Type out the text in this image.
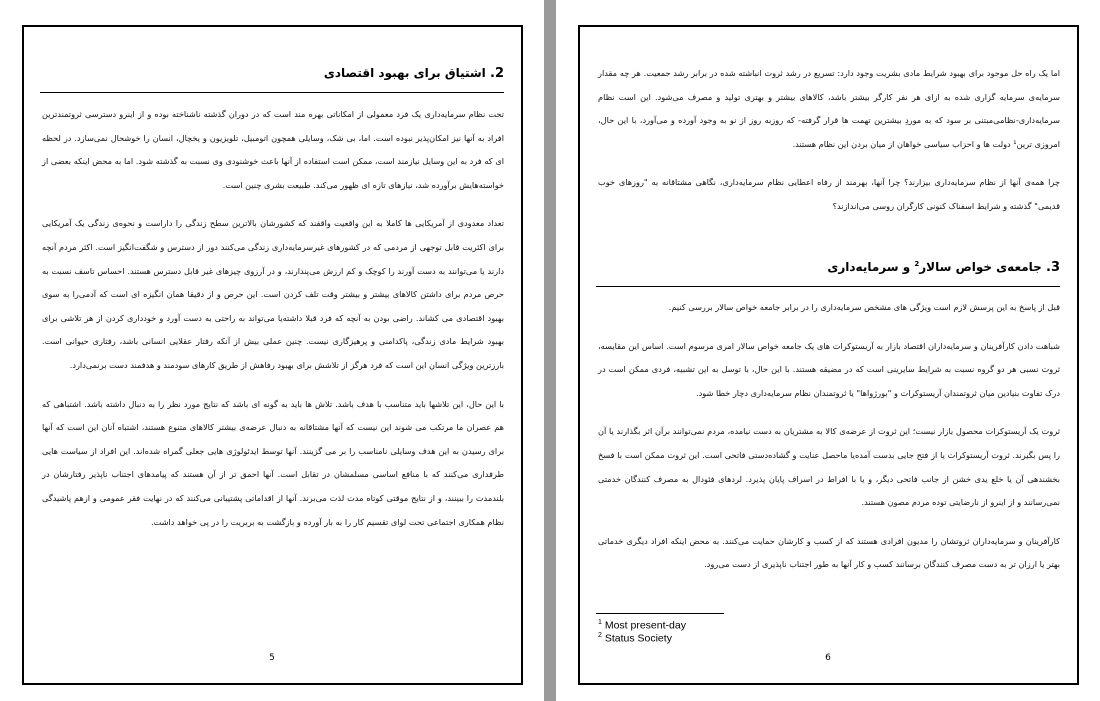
2. اشتیاق برای بهبود اقتصادی

تحت نظام سرمایه‌داری یک فرد معمولی از امکاناتی بهره مند است که در دوران گذشته ناشناخته بوده و از اینرو دسترسی ثروتمندترین افراد به آنها نیز امکان‌پذیر نبوده است. اما، بی شک، وسایلی همچون اتومبیل، تلویزیون و یخچال، انسان را خوشحال نمی‌سازد. در لحظه ای که فرد به این وسایل نیازمند است، ممکن است استفاده از آنها باعث خوشنودی وی نسبت به گذشته شود. اما به محض اینکه بعضی از خواسته‌هایش برآورده شد، نیازهای تازه ای ظهور می‌کند. طبیعت بشری چنین است.

تعداد معدودی از آمریکایی ها کاملا به این واقعیت واقفند که کشورشان بالاترین سطح زندگی را داراست و نحوه‌ی زندگی یک آمریکایی برای اکثریت قابل توجهی از مردمی که در کشورهای غیرسرمایه‌داری زندگی می‌کنند دور از دسترس و شگفت‌انگیز است. اکثر مردم آنچه دارند یا می‌توانند به دست آورند را کوچک و کم ارزش می‌پندارند، و در آرزوی چیزهای غیر قابل دسترس هستند. احساس تاسف نسبت به حرص مردم برای داشتن کالاهای بیشتر و بیشتر وقت تلف کردن است. این حرص و از دقیقا همان انگیزه ای است که آدمی‌را به سوی بهبود اقتصادی می کشاند. راضی بودن به آنچه که فرد قبلا داشته‌یا می‌تواند به راحتی به دست آورد و خودداری کردن از هر تلاشی برای بهبود شرایط مادی زندگی، پاکدامنی و پرهیزگاری نیست. چنین عملی بیش از آنکه رفتار عقلایی انسانی باشد، رفتاری حیوانی است. بارزترین ویژگی انسان این است که فرد هرگز از تلاشش برای بهبود رفاهش از طریق کارهای سودمند و هدفمند دست برنمی‌دارد.

با این حال، این تلاشها باید متناسب با هدف باشد. تلاش ها باید به گونه ای باشد که نتایج مورد نظر را به دنبال داشته باشد. اشتباهی که هم عصران ما مرتکب می شوند این نیست که آنها مشتاقانه به دنبال عرضه‌ی بیشتر کالاهای متنوع هستند، اشتباه آنان این است که آنها برای رسیدن به این هدف وسایلی نامناسب را بر می گزینند. آنها توسط ایدئولوژی هایی جعلی گمراه شده‌اند. این افراد از سیاست هایی طرفداری می‌کنند که با منافع اساسی مسلمشان در تقابل است. آنها احمق تر از آن هستند که پیامدهای اجتناب ناپذیر رفتارشان در بلندمدت را ببینند، و از نتایج موقتی کوتاه مدت لذت می‌برند. آنها از اقداماتی پشتیبانی می‌کنند که در نهایت فقر عمومی و ازهم پاشیدگی نظام همکاری اجتماعی تحت لوای تقسیم کار را به بار آورده و بازگشت به بربریت را در پی خواهد داشت.

5

اما یک راه حل موجود برای بهبود شرایط مادی بشریت وجود دارد: تسریع در رشد ثروت انباشته شده در برابر رشد جمعیت. هر چه مقدار سرمایه‌ی سرمایه گزاری شده به ازای هر نفر کارگر بیشتر باشد، کالاهای بیشتر و بهتری تولید و مصرف می‌شود. این است نظام سرمایه‌داری-نظامی‌مبتنی بر سود که به موردِ بیشترین تهمت ها قرار گرفته- که روزبه روز از نو به وجود آورده و می‌آورد، با این حال، امروزی ترین¹ دولت ها و احزاب سیاسی خواهان از میان بردن این نظام هستند.

چرا همه‌ی آنها از نظام سرمایه‌داری بیزارند؟ چرا آنها، بهرمند از رفاه اعطایی نظام سرمایه‌داری، نگاهی مشتاقانه به "روزهای خوب قدیمی" گذشته و شرایط اسفناک کنونی کارگران روسی می‌اندازند؟

3. جامعه‌ی خواص سالار$^2$ و سرمایه‌داری

قبل از پاسخ به این پرسش لازم است ویژگی های مشخص سرمایه‌داری را در برابر جامعه خواص سالار بررسی کنیم.

شباهت دادن کارآفرینان و سرمایه‌داران اقتصاد بازار به آریستوکرات های یک جامعه خواص سالار امری مرسوم است. اساس این مقایسه، ثروت نسبی هر دو گروه نسبت به شرایط سایرینی است که در مضیقه هستند. با این حال، با توسل به این تشبیه، فردی ممکن است در درک تفاوت بنیادین میان ثروتمندان آریستوکرات و "بورژواها" یا ثروتمندان نظام سرمایه‌داری دچار خطا شود.

ثروت یک آریستوکرات محصول بازار نیست؛ این ثروت از عرضه‌ی کالا به مشتریان به دست نیامده، مردم نمی‌توانند برآن اثر بگذارند یا آن را پس بگیرند. ثروت آریستوکرات یا از فتح جایی بدست آمده‌یا ماحصل عنایت و گشاده‌دستی فاتحی است. این ثروت ممکن است با فسخ بخشندهی آن یا خلع یدی خشن از جانب فاتحی دیگر، و یا با افراط در اسراف پایان پذیرد. لردهای فئودال به مصرف کنندگان خدمتی نمی‌رسانند و از اینرو از نارضایتی توده مردم مصون هستند.

کارآفرینان و سرمایه‌داران ثروتشان را مدیون افرادی هستند که از کسب و کارشان حمایت می‌کنند. به محض اینکه افراد دیگری خدماتی بهتر یا ارزان تر به دست مصرف کنندگان برسانند کسب و کار آنها به طور اجتناب ناپذیری از دست می‌رود.

$^1$ Most present-day
$^2$ Status Society
6
